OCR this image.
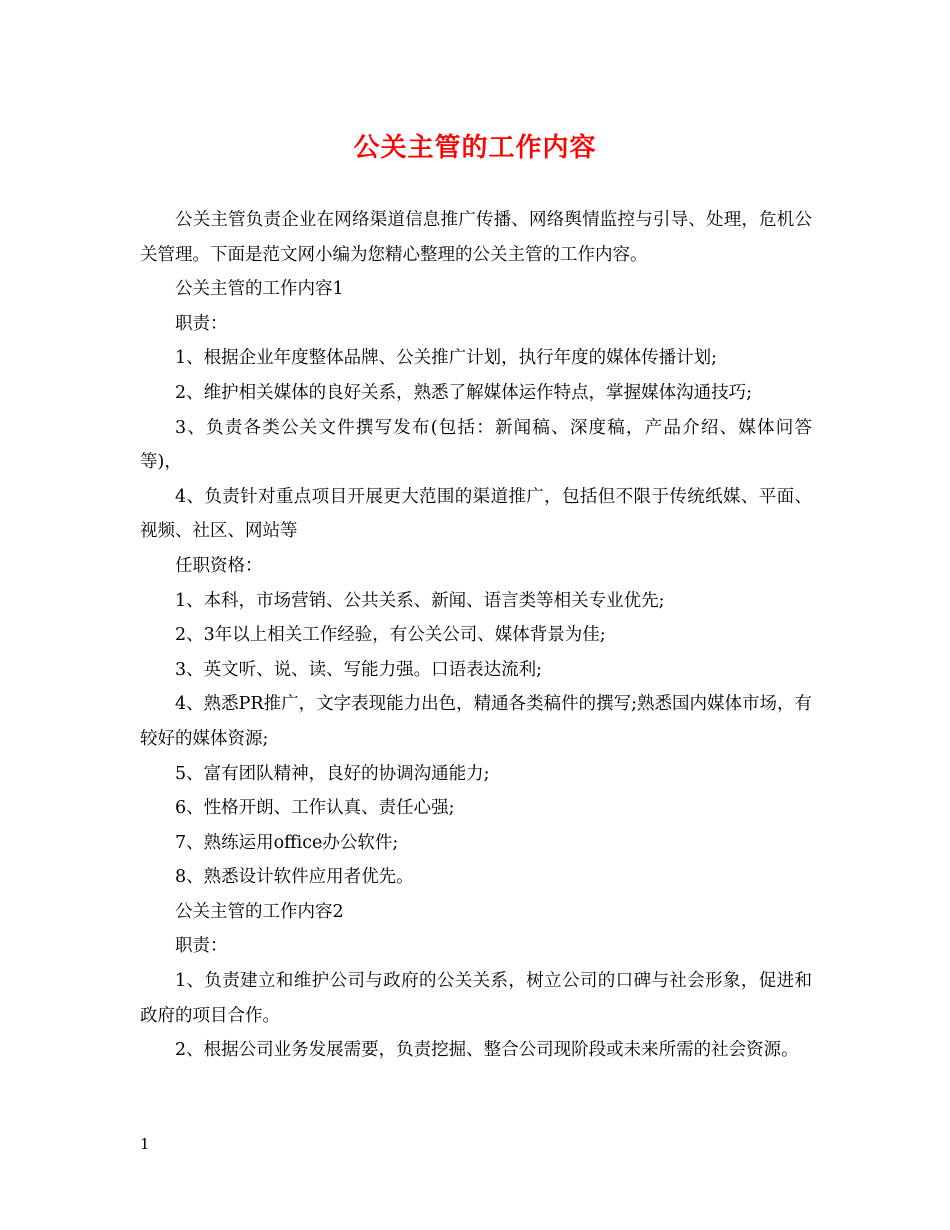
公关主管的工作内容

公关主管负责企业在网络渠道信息推广传播、网络舆情监控与引导、处理，危机公关管理。下面是范文网小编为您精心整理的公关主管的工作内容。

公关主管的工作内容1

职责：

1、根据企业年度整体品牌、公关推广计划，执行年度的媒体传播计划;

2、维护相关媒体的良好关系，熟悉了解媒体运作特点，掌握媒体沟通技巧;

3、负责各类公关文件撰写发布(包括：新闻稿、深度稿，产品介绍、媒体问答等)，

4、负责针对重点项目开展更大范围的渠道推广，包括但不限于传统纸媒、平面、视频、社区、网站等

任职资格：

1、本科，市场营销、公共关系、新闻、语言类等相关专业优先;

2、3年以上相关工作经验，有公关公司、媒体背景为佳;

3、英文听、说、读、写能力强。口语表达流利;

4、熟悉PR推广，文字表现能力出色，精通各类稿件的撰写;熟悉国内媒体市场，有较好的媒体资源;

5、富有团队精神，良好的协调沟通能力;

6、性格开朗、工作认真、责任心强;

7、熟练运用office办公软件;

8、熟悉设计软件应用者优先。

公关主管的工作内容2

职责：

1、负责建立和维护公司与政府的公关关系，树立公司的口碑与社会形象，促进和政府的项目合作。

2、根据公司业务发展需要，负责挖掘、整合公司现阶段或未来所需的社会资源。

1
